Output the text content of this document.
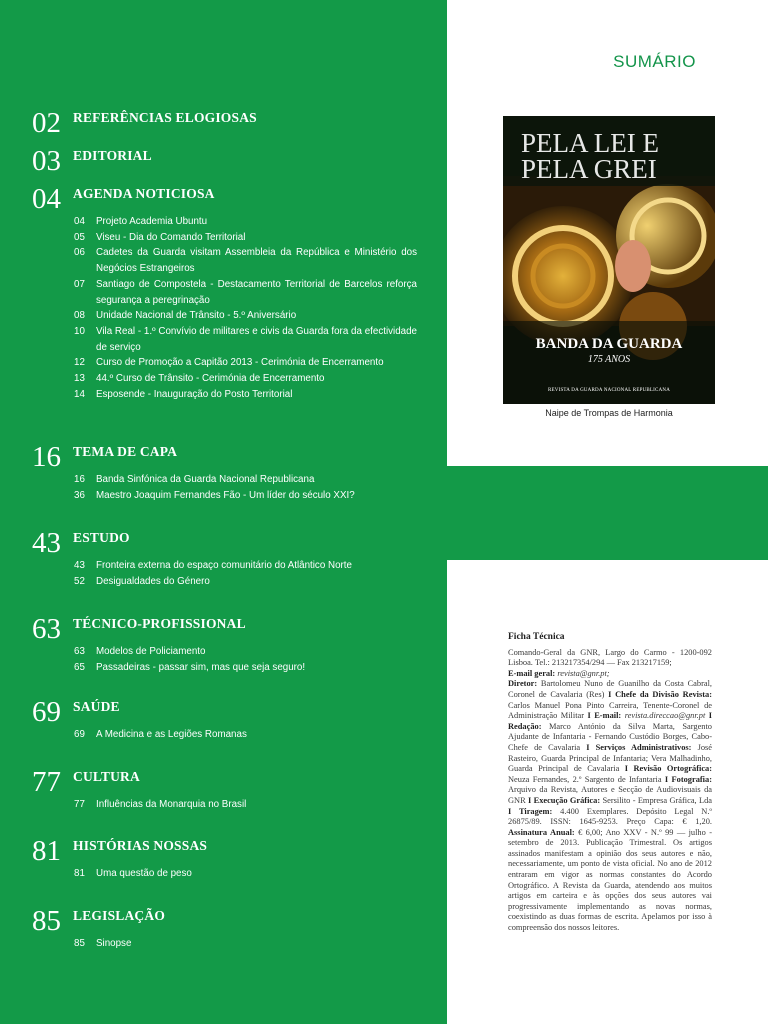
SUMÁRIO
02 REFERÊNCIAS ELOGIOSAS
03 EDITORIAL
04 AGENDA NOTICIOSA
04	Projeto Academia Ubuntu
05	Viseu - Dia do Comando Territorial
06	Cadetes da Guarda visitam Assembleia da República e Ministério dos Negócios Estrangeiros
07	Santiago de Compostela - Destacamento Territorial de Barcelos reforça segurança a peregrinação
08	Unidade Nacional de Trânsito - 5.º Aniversário
10	Vila Real - 1.º Convívio de militares e civis da Guarda fora da efectividade de serviço
12	Curso de Promoção a Capitão 2013 - Cerimónia de Encerramento
13	44.º Curso de Trânsito - Cerimónia de Encerramento
14	Esposende - Inauguração do Posto Territorial
16 TEMA DE CAPA
16	Banda Sinfónica da Guarda Nacional Republicana
36	Maestro Joaquim Fernandes Fão - Um líder do século XXI?
43 ESTUDO
43	Fronteira externa do espaço comunitário do Atlântico Norte
52	Desigualdades do Género
63 TÉCNICO-PROFISSIONAL
63	Modelos de Policiamento
65	Passadeiras - passar sim, mas que seja seguro!
69 SAÚDE
69	A Medicina e as Legiões Romanas
77 CULTURA
77	Influências da Monarquia no Brasil
81 HISTÓRIAS NOSSAS
81	Uma questão de peso
85 LEGISLAÇÃO
85	Sinopse
PELA LEI E
PELA GREI
BANDA DA GUARDA
175 ANOS
REVISTA DA GUARDA NACIONAL REPUBLICANA
Naipe de Trompas de Harmonia
Ficha Técnica
Comando-Geral da GNR, Largo do Carmo - 1200-092 Lisboa. Tel.: 213217354/294 — Fax 213217159;
E-mail geral: revista@gnr.pt;
Diretor: Bartolomeu Nuno de Guanilho da Costa Cabral, Coronel de Cavalaria (Res) I Chefe da Divisão Revista: Carlos Manuel Pona Pinto Carreira, Tenente-Coronel de Administração Militar I E-mail: revista.direccao@gnr.pt I Redação: Marco António da Silva Marta, Sargento Ajudante de Infantaria - Fernando Custódio Borges, Cabo-Chefe de Cavalaria I Serviços Administrativos: José Rasteiro, Guarda Principal de Infantaria; Vera Malhadinho, Guarda Principal de Cavalaria I Revisão Ortográfica: Neuza Fernandes, 2.º Sargento de Infantaria I Fotografia: Arquivo da Revista, Autores e Secção de Audiovisuais da GNR I Execução Gráfica: Sersilito - Empresa Gráfica, Lda I Tiragem: 4.400 Exemplares. Depósito Legal N.º 26875/89. ISSN: 1645-9253. Preço Capa: € 1,20. Assinatura Anual: € 6,00; Ano XXV - N.º 99 — julho - setembro de 2013. Publicação Trimestral. Os artigos assinados manifestam a opinião dos seus autores e não, necessariamente, um ponto de vista oficial. No ano de 2012 entraram em vigor as normas constantes do Acordo Ortográfico. A Revista da Guarda, atendendo aos muitos artigos em carteira e às opções dos seus autores vai progressivamente implementando as novas normas, coexistindo as duas formas de escrita. Apelamos por isso à compreensão dos nossos leitores.
